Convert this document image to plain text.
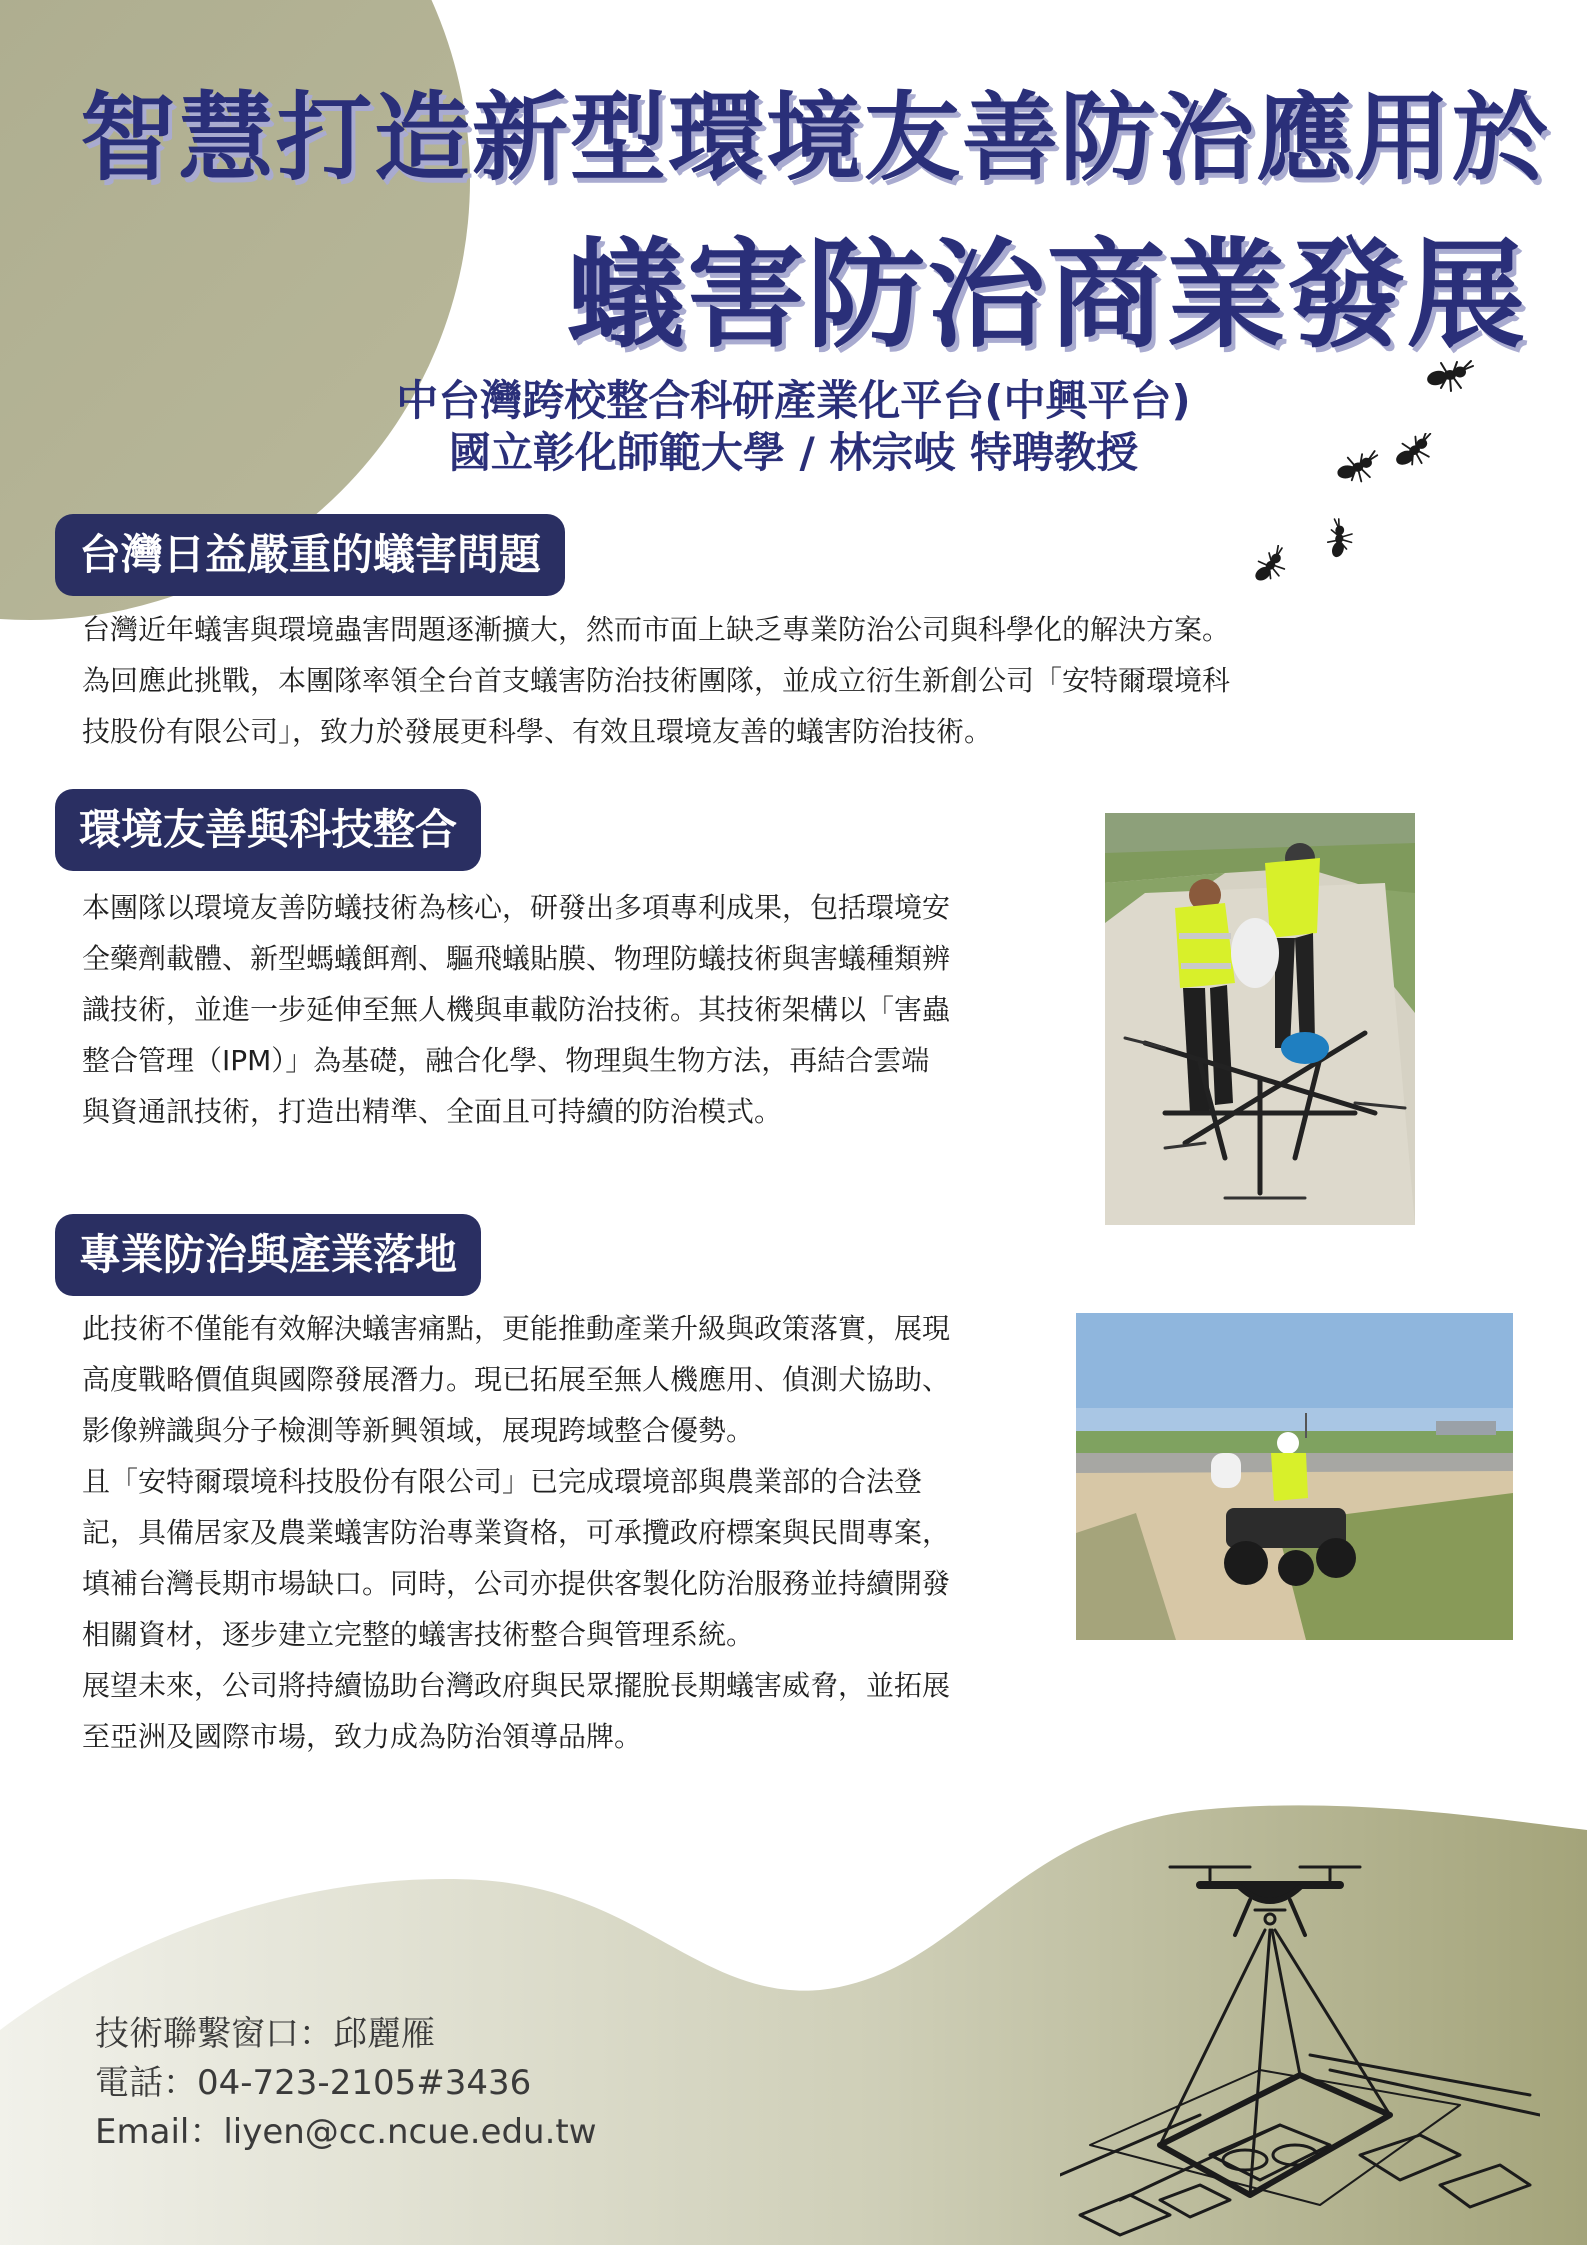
智慧打造新型環境友善防治應用於
蟻害防治商業發展
中台灣跨校整合科研產業化平台(中興平台)
國立彰化師範大學 / 林宗岐 特聘教授
台灣日益嚴重的蟻害問題

台灣近年蟻害與環境蟲害問題逐漸擴大，然而市面上缺乏專業防治公司與科學化的解決方案。

為回應此挑戰，本團隊率領全台首支蟻害防治技術團隊，並成立衍生新創公司「安特爾環境科

技股份有限公司」，致力於發展更科學、有效且環境友善的蟻害防治技術。

環境友善與科技整合

本團隊以環境友善防蟻技術為核心，研發出多項專利成果，包括環境安

全藥劑載體、新型螞蟻餌劑、驅飛蟻貼膜、物理防蟻技術與害蟻種類辨

識技術，並進一步延伸至無人機與車載防治技術。其技術架構以「害蟲

整合管理（IPM）」為基礎，融合化學、物理與生物方法，再結合雲端

與資通訊技術，打造出精準、全面且可持續的防治模式。

專業防治與產業落地

此技術不僅能有效解決蟻害痛點，更能推動產業升級與政策落實，展現

高度戰略價值與國際發展潛力。現已拓展至無人機應用、偵測犬協助、

影像辨識與分子檢測等新興領域，展現跨域整合優勢。

且「安特爾環境科技股份有限公司」已完成環境部與農業部的合法登

記，具備居家及農業蟻害防治專業資格，可承攬政府標案與民間專案，

填補台灣長期市場缺口。同時，公司亦提供客製化防治服務並持續開發

相關資材，逐步建立完整的蟻害技術整合與管理系統。

展望未來，公司將持續協助台灣政府與民眾擺脫長期蟻害威脅，並拓展

至亞洲及國際市場，致力成為防治領導品牌。

技術聯繫窗口：邱麗雁

電話：04-723-2105#3436

Email：liyen@cc.ncue.edu.tw
